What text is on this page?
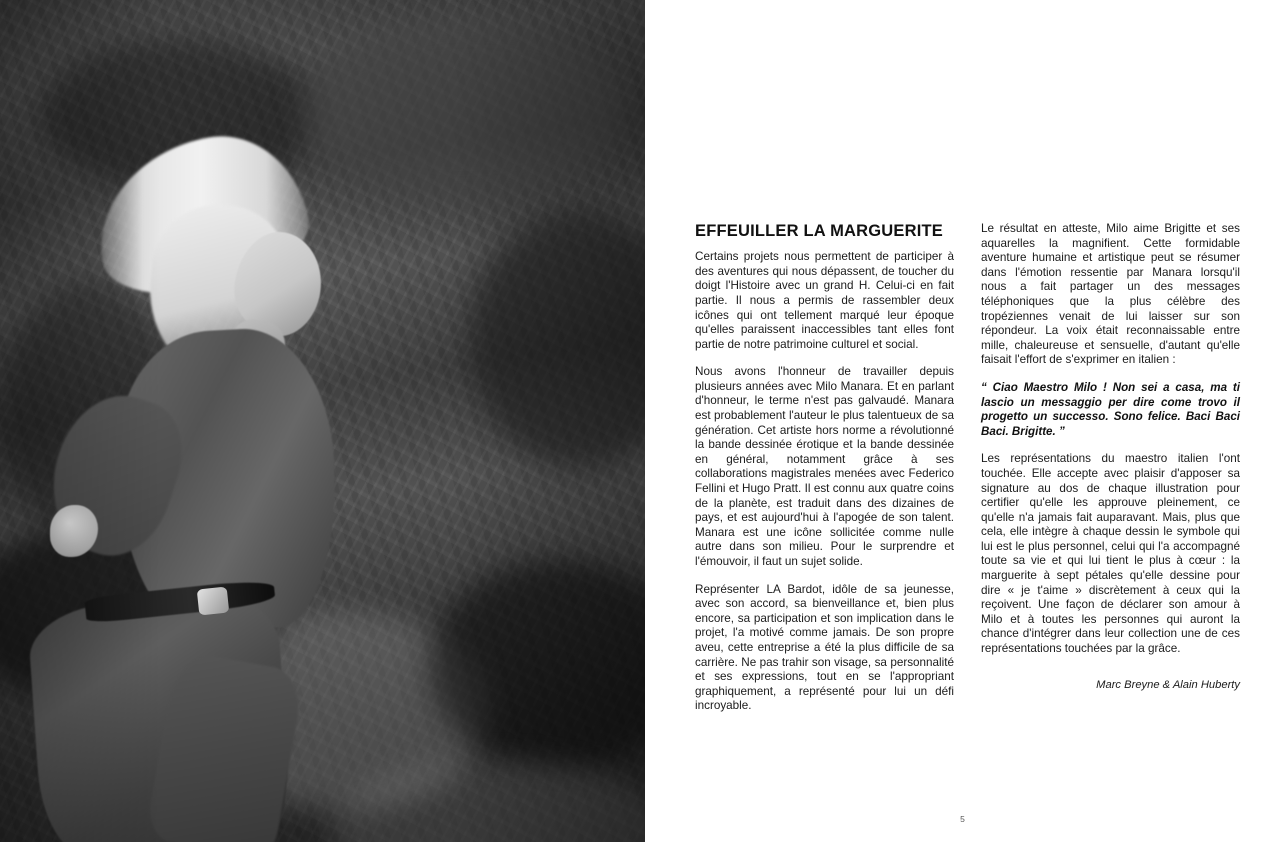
EFFEUILLER LA MARGUERITE

Certains projets nous permettent de participer à des aventures qui nous dépassent, de toucher du doigt l'Histoire avec un grand H. Celui-ci en fait partie. Il nous a permis de rassembler deux icônes qui ont tellement marqué leur époque qu'elles paraissent inaccessibles tant elles font partie de notre patrimoine culturel et social.

Nous avons l'honneur de travailler depuis plusieurs années avec Milo Manara. Et en parlant d'honneur, le terme n'est pas galvaudé. Manara est probablement l'auteur le plus talentueux de sa génération. Cet artiste hors norme a révolutionné la bande dessinée érotique et la bande dessinée en général, notamment grâce à ses collaborations magistrales menées avec Federico Fellini et Hugo Pratt. Il est connu aux quatre coins de la planète, est traduit dans des dizaines de pays, et est aujourd'hui à l'apogée de son talent. Manara est une icône sollicitée comme nulle autre dans son milieu. Pour le surprendre et l'émouvoir, il faut un sujet solide.

Représenter LA Bardot, idôle de sa jeunesse, avec son accord, sa bienveillance et, bien plus encore, sa participation et son implication dans le projet, l'a motivé comme jamais. De son propre aveu, cette entreprise a été la plus difficile de sa carrière. Ne pas trahir son visage, sa personnalité et ses expressions, tout en se l'appropriant graphiquement, a représenté pour lui un défi incroyable.

Le résultat en atteste, Milo aime Brigitte et ses aquarelles la magnifient. Cette formidable aventure humaine et artistique peut se résumer dans l'émotion ressentie par Manara lorsqu'il nous a fait partager un des messages téléphoniques que la plus célèbre des tropéziennes venait de lui laisser sur son répondeur. La voix était reconnaissable entre mille, chaleureuse et sensuelle, d'autant qu'elle faisait l'effort de s'exprimer en italien :

“ Ciao Maestro Milo ! Non sei a casa, ma ti lascio un messaggio per dire come trovo il progetto un successo. Sono felice. Baci Baci Baci. Brigitte. ”

Les représentations du maestro italien l'ont touchée. Elle accepte avec plaisir d'apposer sa signature au dos de chaque illustration pour certifier qu'elle les approuve pleinement, ce qu'elle n'a jamais fait auparavant. Mais, plus que cela, elle intègre à chaque dessin le symbole qui lui est le plus personnel, celui qui l'a accompagné toute sa vie et qui lui tient le plus à cœur : la marguerite à sept pétales qu'elle dessine pour dire « je t'aime » discrètement à ceux qui la reçoivent. Une façon de déclarer son amour à Milo et à toutes les personnes qui auront la chance d'intégrer dans leur collection une de ces représentations touchées par la grâce.

Marc Breyne & Alain Huberty

5
